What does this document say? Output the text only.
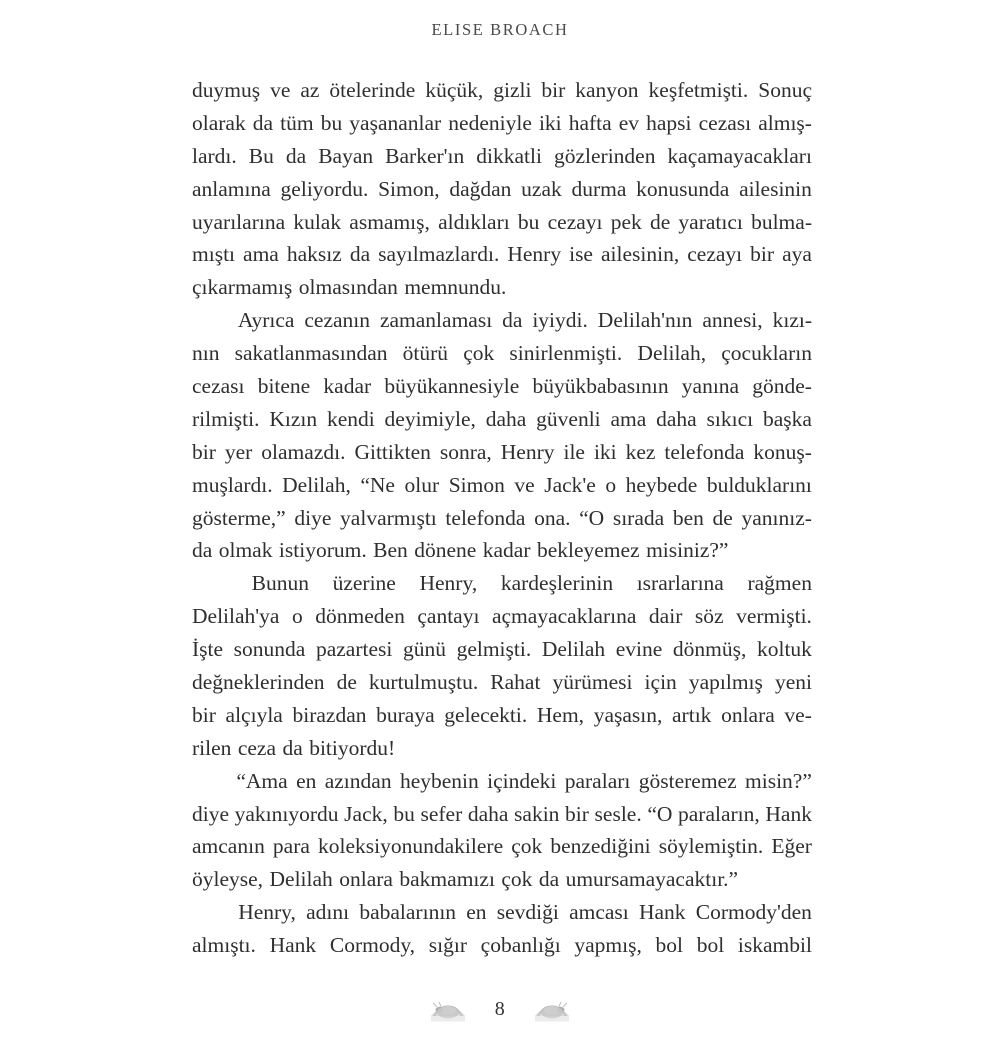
ELISE BROACH
duymuş ve az ötelerinde küçük, gizli bir kanyon keşfetmişti. Sonuç
olarak da tüm bu yaşananlar nedeniyle iki hafta ev hapsi cezası almış-
lardı. Bu da Bayan Barker'ın dikkatli gözlerinden kaçamayacakları
anlamına geliyordu. Simon, dağdan uzak durma konusunda ailesinin
uyarılarına kulak asmamış, aldıkları bu cezayı pek de yaratıcı bulma-
mıştı ama haksız da sayılmazlardı. Henry ise ailesinin, cezayı bir aya
çıkarmamış olmasından memnundu.
Ayrıca cezanın zamanlaması da iyiydi. Delilah'nın annesi, kızı-
nın sakatlanmasından ötürü çok sinirlenmişti. Delilah, çocukların
cezası bitene kadar büyükannesiyle büyükbabasının yanına gönde-
rilmişti. Kızın kendi deyimiyle, daha güvenli ama daha sıkıcı başka
bir yer olamazdı. Gittikten sonra, Henry ile iki kez telefonda konuş-
muşlardı. Delilah, “Ne olur Simon ve Jack'e o heybede bulduklarını
gösterme,” diye yalvarmıştı telefonda ona. “O sırada ben de yanınız-
da olmak istiyorum. Ben dönene kadar bekleyemez misiniz?”
Bunun üzerine Henry, kardeşlerinin ısrarlarına rağmen
Delilah'ya o dönmeden çantayı açmayacaklarına dair söz vermişti.
İşte sonunda pazartesi günü gelmişti. Delilah evine dönmüş, koltuk
değneklerinden de kurtulmuştu. Rahat yürümesi için yapılmış yeni
bir alçıyla birazdan buraya gelecekti. Hem, yaşasın, artık onlara ve-
rilen ceza da bitiyordu!
“Ama en azından heybenin içindeki paraları gösteremez misin?”
diye yakınıyordu Jack, bu sefer daha sakin bir sesle. “O paraların, Hank
amcanın para koleksiyonundakilere çok benzediğini söylemiştin. Eğer
öyleyse, Delilah onlara bakmamızı çok da umursamayacaktır.”
Henry, adını babalarının en sevdiği amcası Hank Cormody'den
almıştı. Hank Cormody, sığır çobanlığı yapmış, bol bol iskambil
8
